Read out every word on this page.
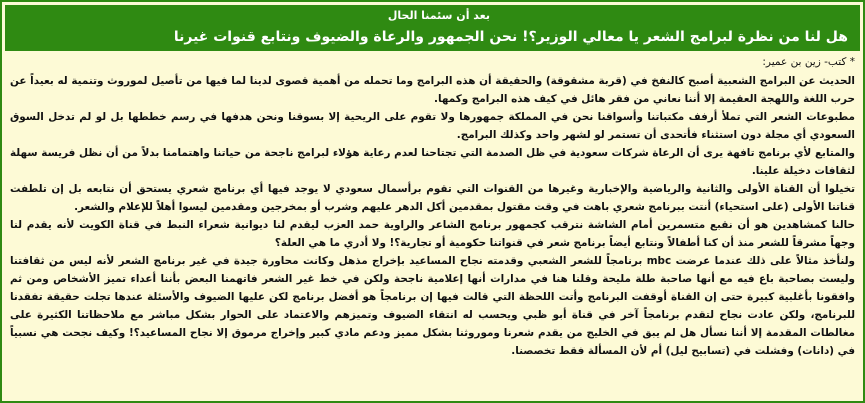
بعد أن سئمنا الحال
هل لنا من نظرة لبرامج الشعر يا معالي الوزير؟! نحن الجمهور والرعاة والضيوف ونتابع قنوات غيرنا
* كتب- زين بن عمير:

الحديث عن البرامج الشعبية أصبح كالنفخ في (قربة مشقوقة) والحقيقة أن هذه البرامج وما تحمله من أهمية قصوى لدينا لما فيها من تأصيل لموروث وتنمية له بعيداً عن حرب اللغة واللهجة العقيمة إلا أننا نعاني من فقر هائل في كيف هذه البرامج وكمها.

مطبوعات الشعر التي تملأ أرفف مكتباتنا وأسواقنا نحن في المملكة جمهورها ولا تقوم على الريحية إلا بسوقنا ونحن هدفها في رسم خططها بل لو لم تدخل السوق السعودي أي مجلة دون استثناء فأتحدى أن تستمر لو لشهر واحد وكذلك البرامج.

والمتابع لأي برنامج تافهة يرى أن الرعاة شركات سعودية في ظل الصدمة التي تجتاحنا لعدم رعاية هؤلاء لبرامج ناجحة من حياتنا واهتمامنا بدلاً من أن نظل فريسة سهلة لثقافات دخيلة علينا.

تخيلوا أن القناة الأولى والثانية والرياضية والإخبارية وغيرها من القنوات التي تقوم برأسمال سعودي لا يوجد فيها أي برنامج شعري يستحق أن نتابعه بل إن تلطفت قناتنا الأولى (على استحياء) أنتت ببرنامج شعري باهت في وقت مقتول بمقدمين أكل الدهر عليهم وشرب أو بمخرجين ومقدمين ليسوا أهلاً للإعلام والشعر.

حالنا كمشاهدين هو أن نقبع متسمرين أمام الشاشة نترقب كجمهور برنامج الشاعر والراوية حمد العزب ليقدم لنا ديوانية شعراء النبط في قناة الكويت لأنه يقدم لنا وجهاً مشرقاً للشعر منذ أن كنا أطفالاً ونتابع أيضاً برنامج شعر في قنواتنا حكومية أو تجارية؟! ولا أدري ما هي العلة؟

ولنأخذ مثالاً على ذلك عندما عرضت mbc برنامجاً للشعر الشعبي وقدمته نجاح المساعيد بإخراج مذهل وكانت محاورة جيدة في غير برنامج الشعر لأنه ليس من ثقافتنا وليست بصاحبة باع فيه مع أنها صاحبة طلة مليحة وقلنا هنا في مدارات أنها إعلامية ناجحة ولكن في خط غير الشعر فاتهمنا البعض بأننا أعداء تميز الأشخاص ومن ثم وافقونا بأغلبية كبيرة حتى إن القناة أوقفت البرنامج وأتت اللحظة التي قالت فيها إن برنامجاً هو أفضل برنامج لكن عليها الضيوف والأسئلة عندها تجلت حقيقة تفقدنا للبرنامج، ولكن عادت نجاح لتقدم برنامجاً آخر في قناة أبو ظبي ويحسب له انتقاء الضيوف وتميزهم والاعتماد على الحوار بشكل مباشر مع ملاحظاتنا الكثيرة على مغالطات المقدمة إلا أننا نسأل هل لم يبق في الخليج من يقدم شعرنا وموروثنا بشكل مميز ودعم مادي كبير وإخراج مرموق إلا نجاح المساعيد؟! وكيف نجحت هي نسبياً في (دانات) وفشلت في (تسابيح ليل) أم لأن المسألة فقط تخصصنا.
